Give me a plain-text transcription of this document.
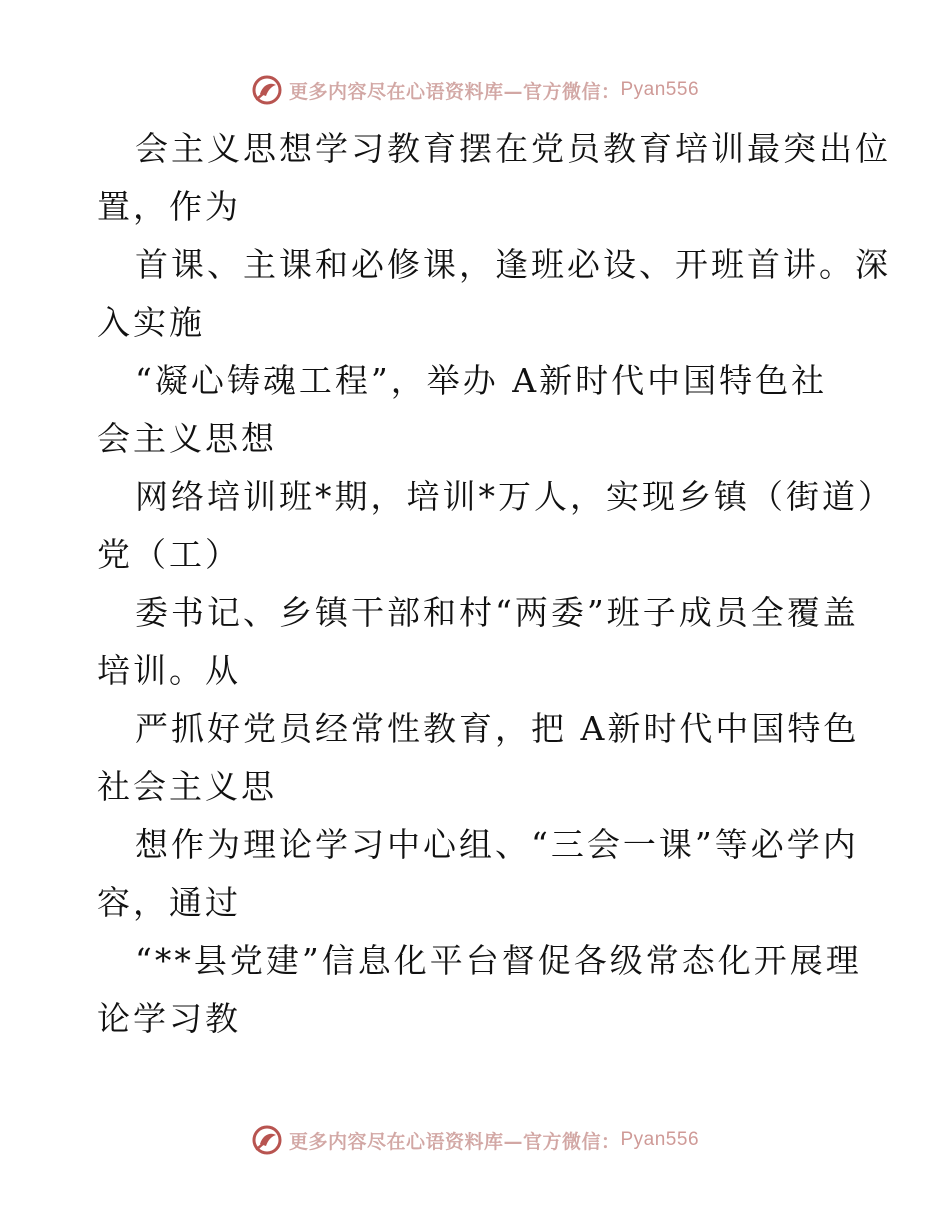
更多内容尽在心语资料库—官方微信： Pyan556

会主义思想学习教育摆在党员教育培训最突出位

置，作为

首课、主课和必修课，逢班必设、开班首讲。深

入实施

“凝心铸魂工程”，举办 A新时代中国特色社

会主义思想

网络培训班*期，培训*万人，实现乡镇（街道）

党（工）

委书记、乡镇干部和村“两委”班子成员全覆盖

培训。从

严抓好党员经常性教育，把 A新时代中国特色

社会主义思

想作为理论学习中心组、“三会一课”等必学内

容，通过

“**县党建”信息化平台督促各级常态化开展理

论学习教

更多内容尽在心语资料库—官方微信： Pyan556
